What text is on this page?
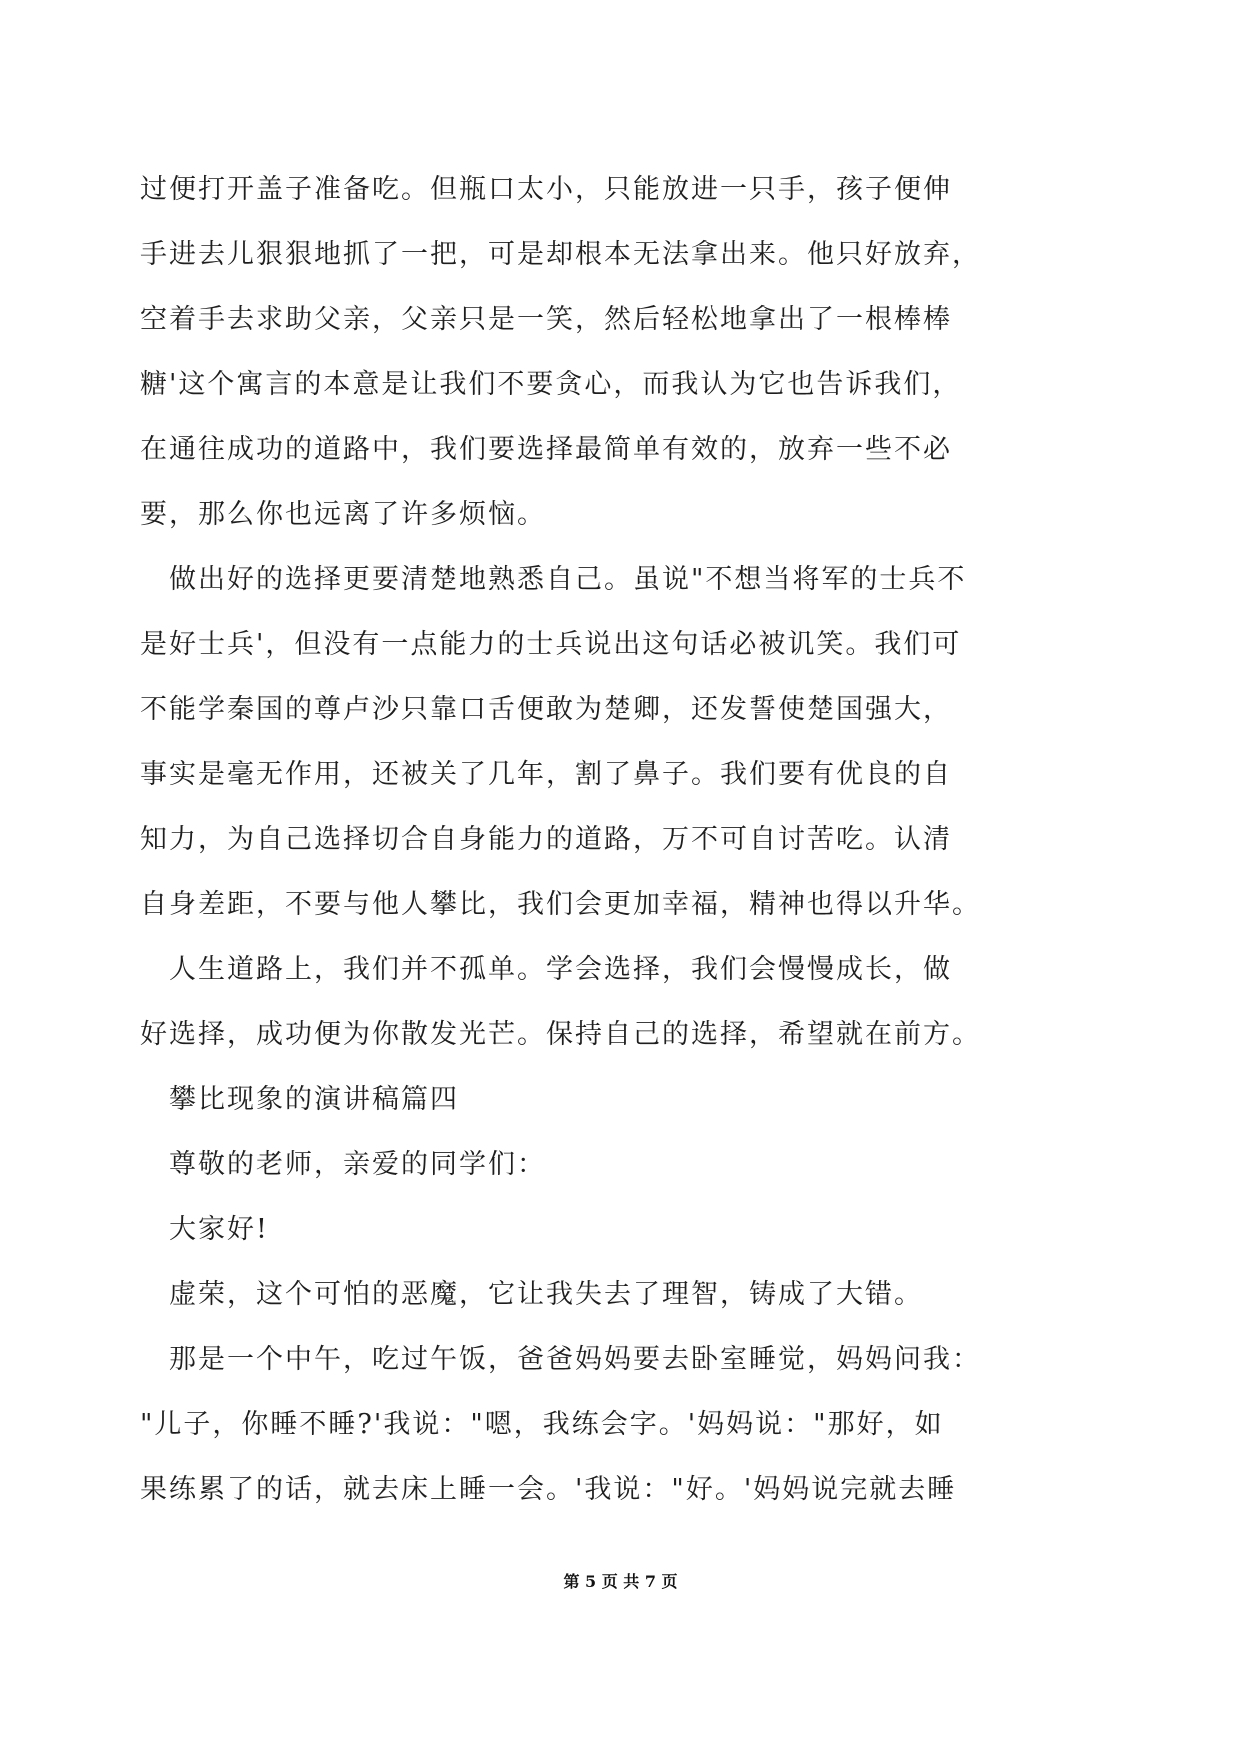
过便打开盖子准备吃。但瓶口太小，只能放进一只手，孩子便伸
手进去儿狠狠地抓了一把，可是却根本无法拿出来。他只好放弃，
空着手去求助父亲，父亲只是一笑，然后轻松地拿出了一根棒棒
糖'这个寓言的本意是让我们不要贪心，而我认为它也告诉我们，
在通往成功的道路中，我们要选择最简单有效的，放弃一些不必
要，那么你也远离了许多烦恼。
做出好的选择更要清楚地熟悉自己。虽说"不想当将军的士兵不
是好士兵'，但没有一点能力的士兵说出这句话必被讥笑。我们可
不能学秦国的尊卢沙只靠口舌便敢为楚卿，还发誓使楚国强大，
事实是毫无作用，还被关了几年，割了鼻子。我们要有优良的自
知力，为自己选择切合自身能力的道路，万不可自讨苦吃。认清
自身差距，不要与他人攀比，我们会更加幸福，精神也得以升华。
人生道路上，我们并不孤单。学会选择，我们会慢慢成长，做
好选择，成功便为你散发光芒。保持自己的选择，希望就在前方。
攀比现象的演讲稿篇四
尊敬的老师，亲爱的同学们：
大家好!
虚荣，这个可怕的恶魔，它让我失去了理智，铸成了大错。
那是一个中午，吃过午饭，爸爸妈妈要去卧室睡觉，妈妈问我：
"儿子，你睡不睡?'我说："嗯，我练会字。'妈妈说："那好，如
果练累了的话，就去床上睡一会。'我说："好。'妈妈说完就去睡
第 5 页 共 7 页
